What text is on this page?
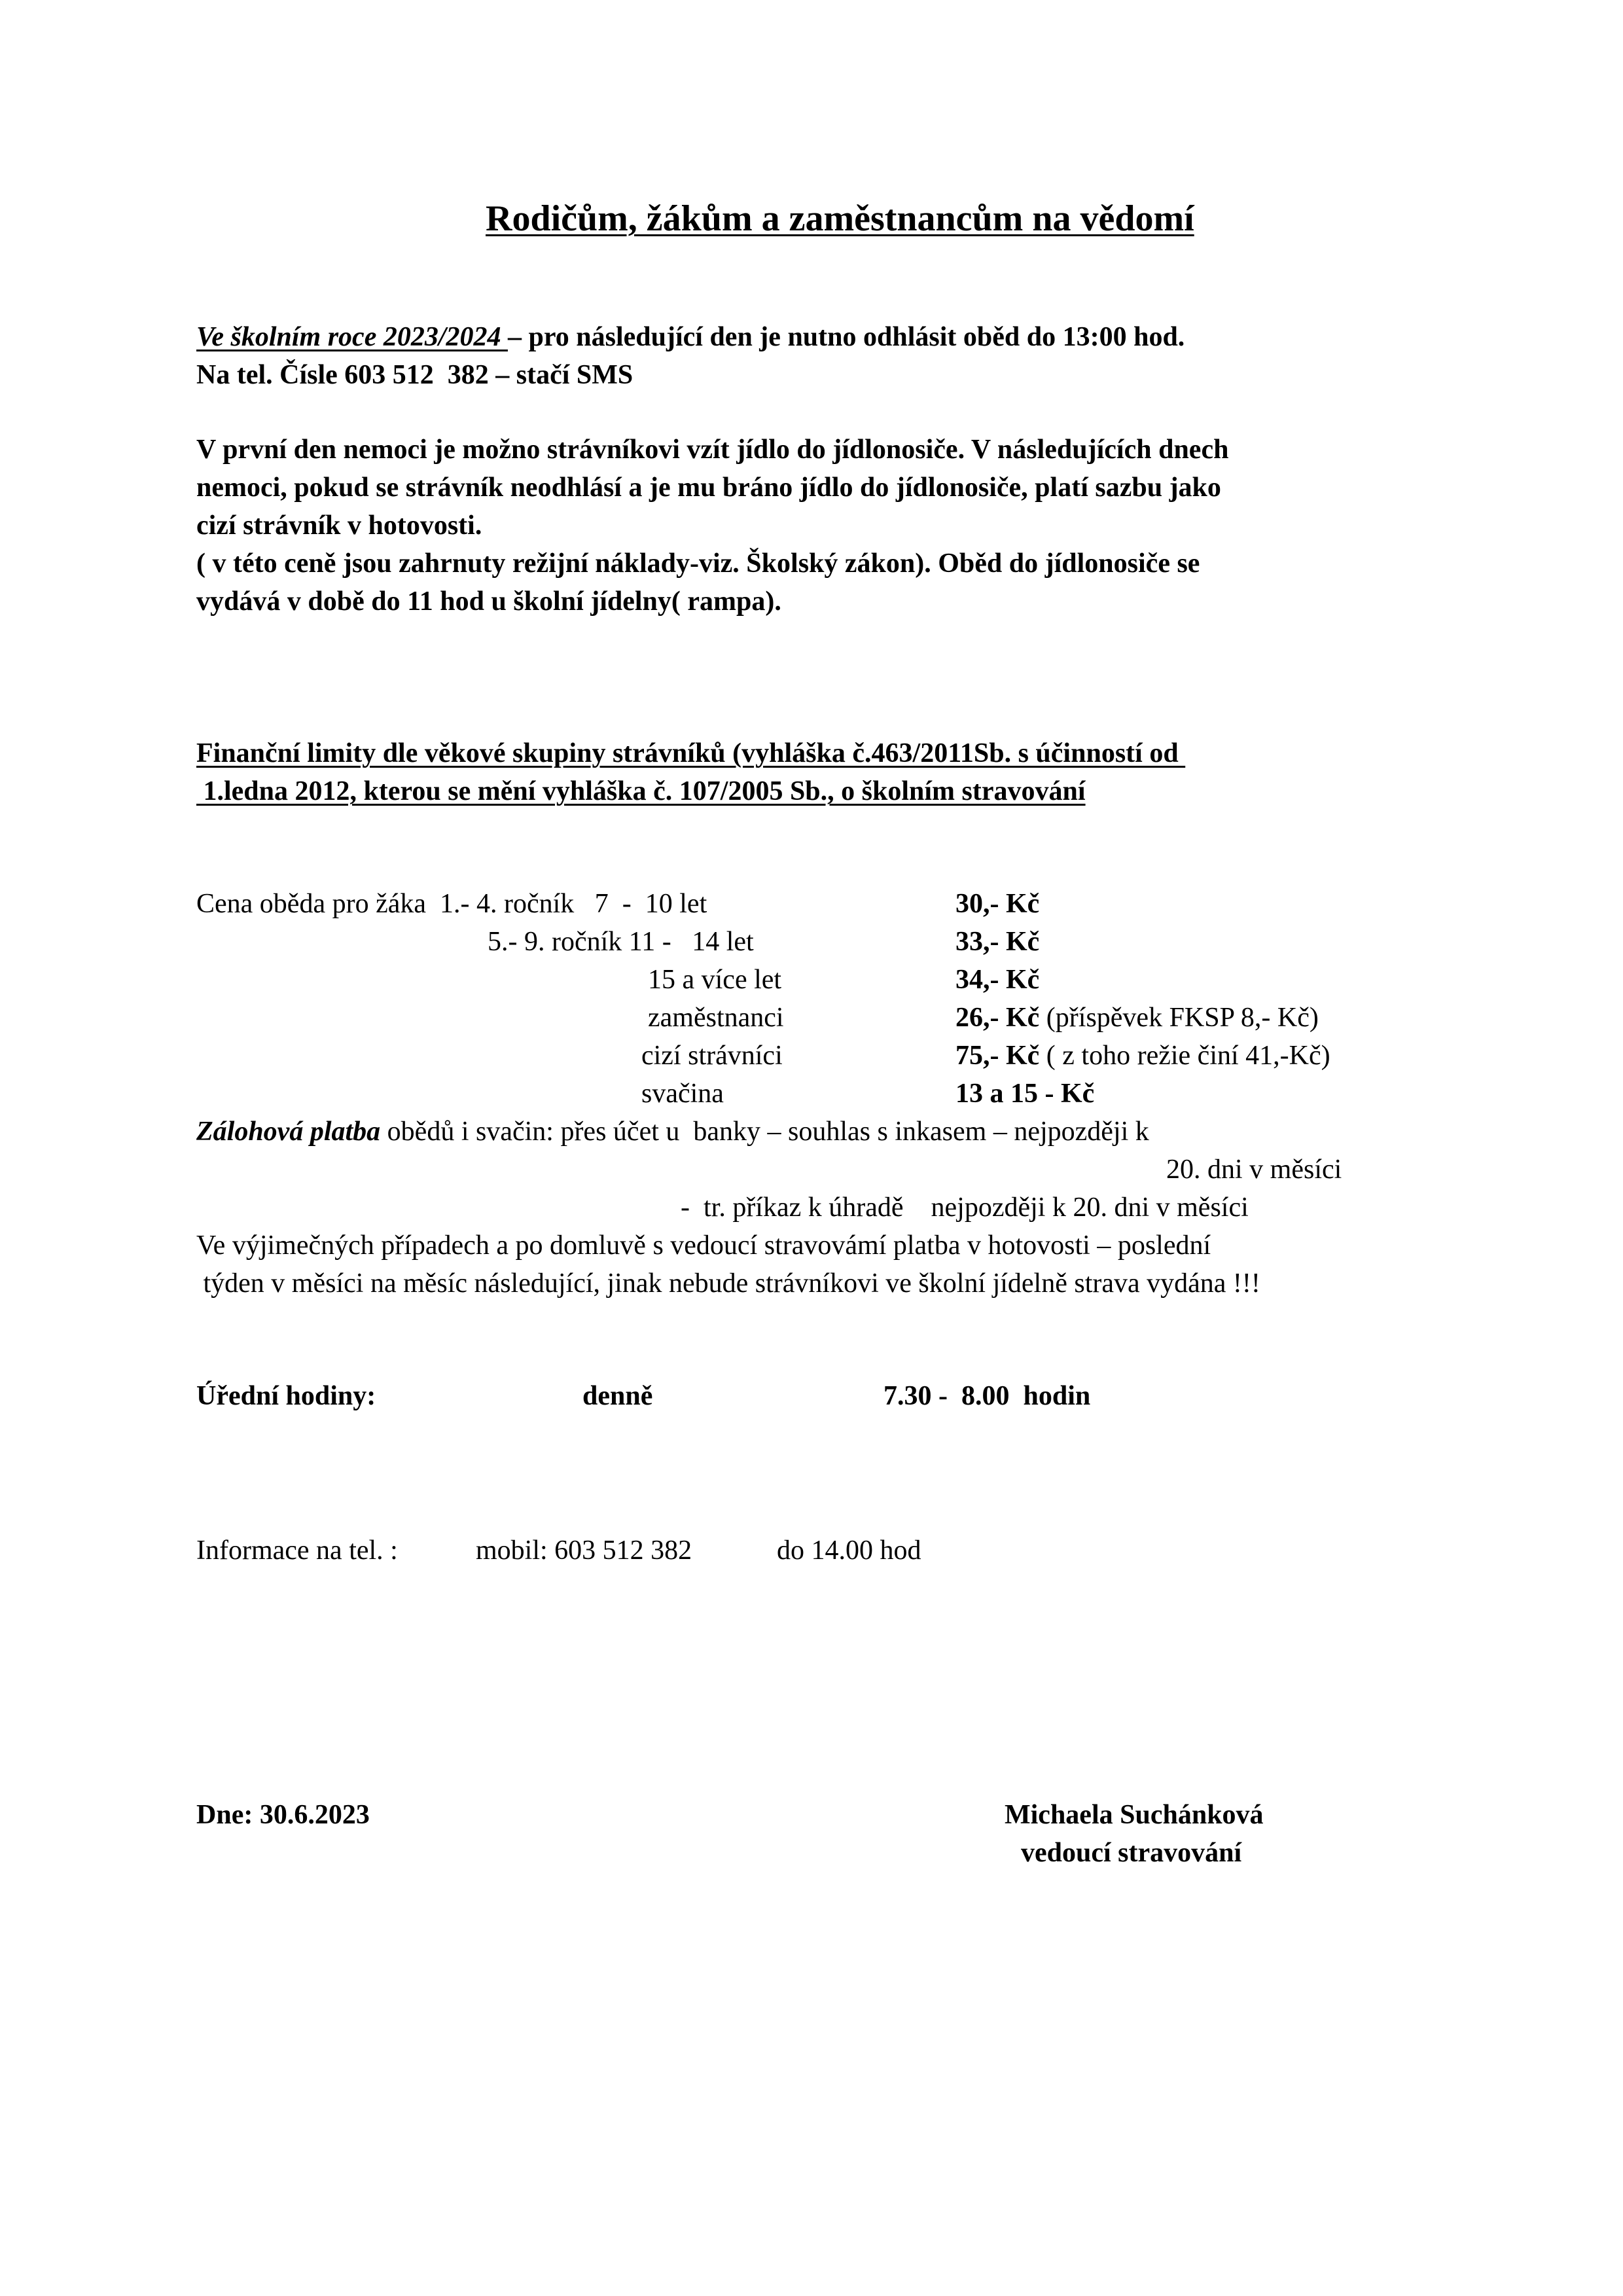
Rodičům, žákům a zaměstnancům na vědomí
Ve školním roce 2023/2024 – pro následující den je nutno odhlásit oběd do 13:00 hod.
Na tel. Čísle 603 512  382 – stačí SMS
V první den nemoci je možno strávníkovi vzít jídlo do jídlonosiče. V následujících dnech
nemoci, pokud se strávník neodhlásí a je mu bráno jídlo do jídlonosiče, platí sazbu jako
cizí strávník v hotovosti.
( v této ceně jsou zahrnuty režijní náklady-viz. Školský zákon). Oběd do jídlonosiče se
vydává v době do 11 hod u školní jídelny( rampa).
Finanční limity dle věkové skupiny strávníků (vyhláška č.463/2011Sb. s účinností od
1.ledna 2012, kterou se mění vyhláška č. 107/2005 Sb., o školním stravování
Cena oběda pro žáka  1.- 4. ročník   7  -  10 let	30,- Kč
5.- 9. ročník 11 -   14 let	33,- Kč
15 a více let	34,- Kč
zaměstnanci	26,- Kč (příspěvek FKSP 8,- Kč)
cizí strávníci	75,- Kč ( z toho režie činí 41,-Kč)
svačina	13 a 15 - Kč
Zálohová platba obědů i svačin: přes účet u  banky – souhlas s inkasem – nejpozději k
20. dni v měsíci
-  tr. příkaz k úhradě    nejpozději k 20. dni v měsíci
Ve výjimečných případech a po domluvě s vedoucí stravovámí platba v hotovosti – poslední
týden v měsíci na měsíc následující, jinak nebude strávníkovi ve školní jídelně strava vydána !!!
Úřední hodiny:	denně	7.30 -  8.00  hodin
Informace na tel. :	mobil: 603 512 382	do 14.00 hod
Dne: 30.6.2023	Michaela Suchánková
vedoucí stravování
